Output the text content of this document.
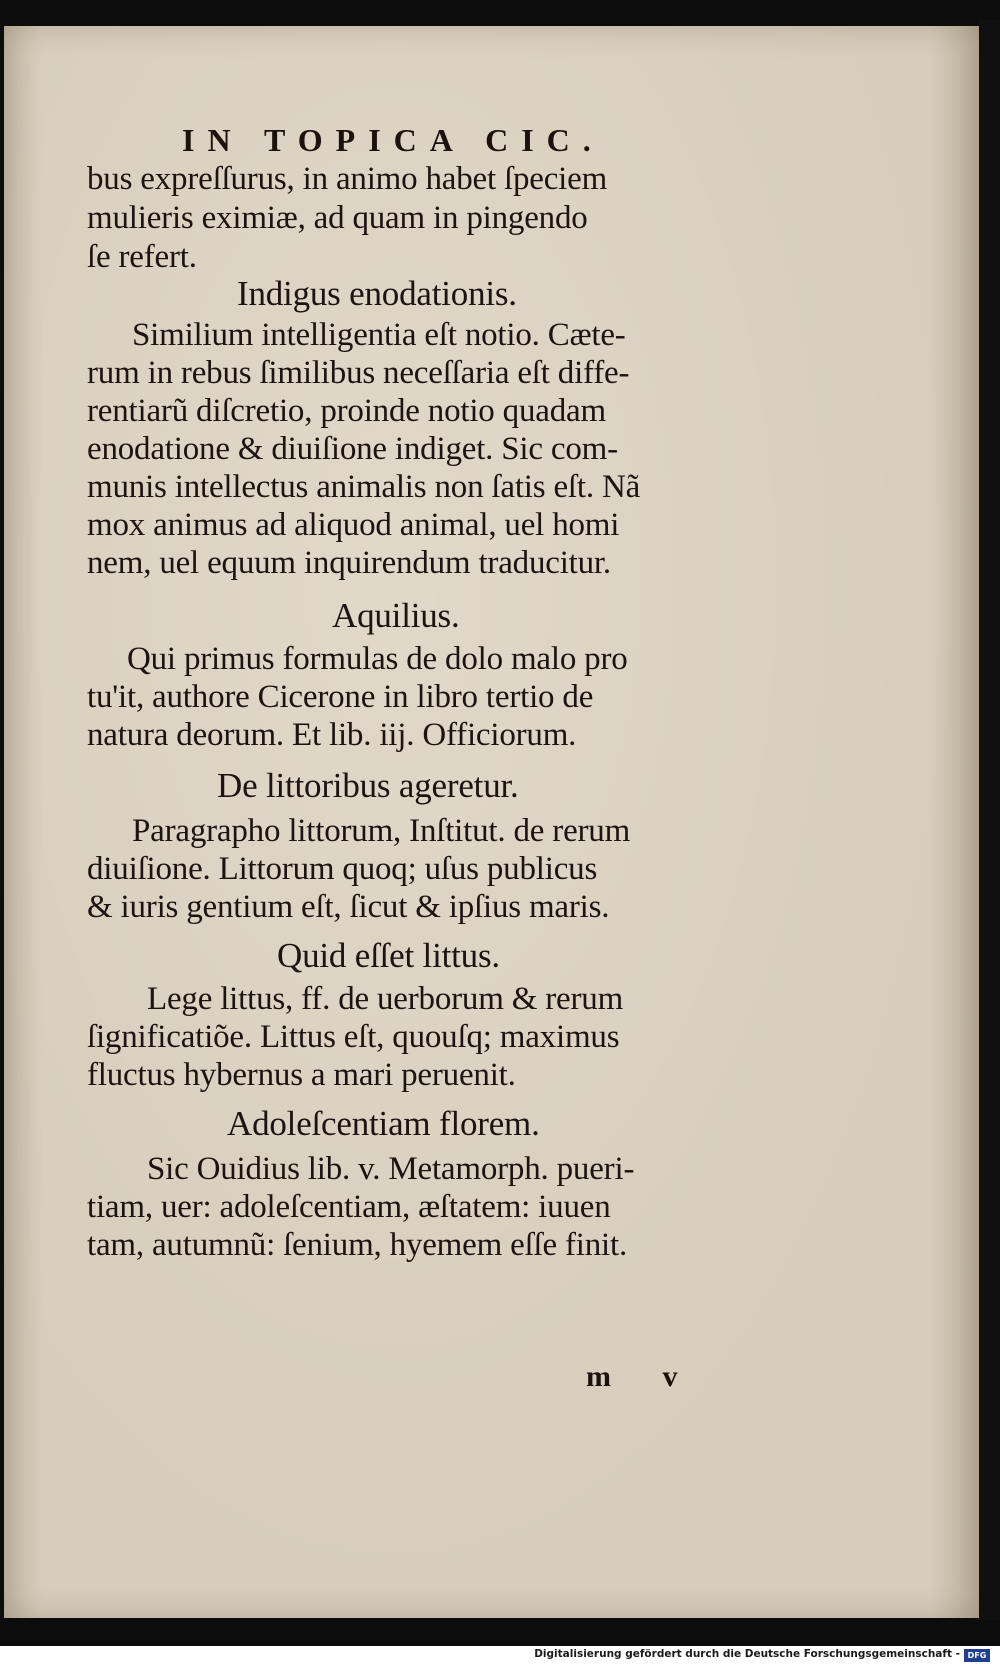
IN TOPICA CIC.
bus expreſſurus, in animo habet ſpeciem
mulieris eximiæ, ad quam in pingendo
ſe refert.
Indigus enodationis.
Similium intelligentia eſt notio. Cæte-
rum in rebus ſimilibus neceſſaria eſt diffe-
rentiarũ diſcretio, proinde notio quadam
enodatione & diuiſione indiget. Sic com-
munis intellectus animalis non ſatis eſt. Nã
mox animus ad aliquod animal, uel homi
nem, uel equum inquirendum traducitur.
Aquilius.
Qui primus formulas de dolo malo pro
tu'it, authore Cicerone in libro tertio de
natura deorum. Et lib. iij. Officiorum.
De littoribus ageretur.
Paragrapho littorum, Inſtitut. de rerum
diuiſione. Littorum quoq; uſus publicus
& iuris gentium eſt, ſicut & ipſius maris.
Quid eſſet littus.
Lege littus, ff. de uerborum & rerum
ſignificatiõe. Littus eſt, quouſq; maximus
fluctus hybernus a mari peruenit.
Adoleſcentiam florem.
Sic Ouidius lib. v. Metamorph. pueri-
tiam, uer: adoleſcentiam, æſtatem: iuuen
tam, autumnũ: ſenium, hyemem eſſe finit.
m v
Digitalisierung gefördert durch die Deutsche Forschungsgemeinschaft - DFG
